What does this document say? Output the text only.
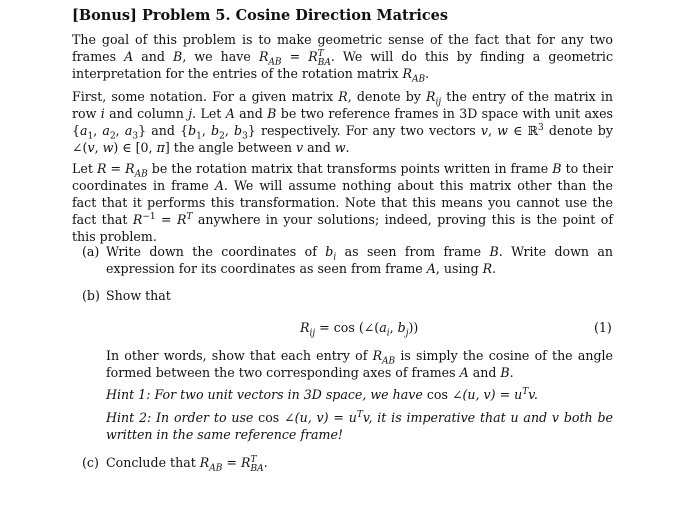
[Bonus] Problem 5. Cosine Direction Matrices
The goal of this problem is to make geometric sense of the fact that for any two frames A and B, we have $R_{AB} = R^T_{BA}$. We will do this by finding a geometric interpretation for the entries of the rotation matrix $R_{AB}$.
First, some notation. For a given matrix R, denote by $R_{ij}$ the entry of the matrix in row i and column j. Let A and B be two reference frames in 3D space with unit axes {$a_1$, $a_2$, $a_3$} and {$b_1$, $b_2$, $b_3$} respectively. For any two vectors v, w ∈ ℝ$^3$ denote by ∠(v, w) ∈ [0, π] the angle between v and w.
Let $R = R_{AB}$ be the rotation matrix that transforms points written in frame B to their coordinates in frame A. We will assume nothing about this matrix other than the fact that it performs this transformation. Note that this means you cannot use the fact that $R^{-1} = R^T$ anywhere in your solutions; indeed, proving this is the point of this problem.
(a) Write down the coordinates of $b_i$ as seen from frame B. Write down an expression for its coordinates as seen from frame A, using R.
(b) Show that
$R_{ij} = \cos$ ($\angle(a_i$, $b_j$))	(1)
In other words, show that each entry of $R_{AB}$ is simply the cosine of the angle formed between the two corresponding axes of frames A and B.
Hint 1: For two unit vectors in 3D space, we have cos ∠(u, $v) = u^Tv$.
Hint 2: In order to use cos ∠(u, $v) = u^Tv$, it is imperative that u and v both be written in the same reference frame!
(c) Conclude that $R_{AB} = R^T_{BA}$.
